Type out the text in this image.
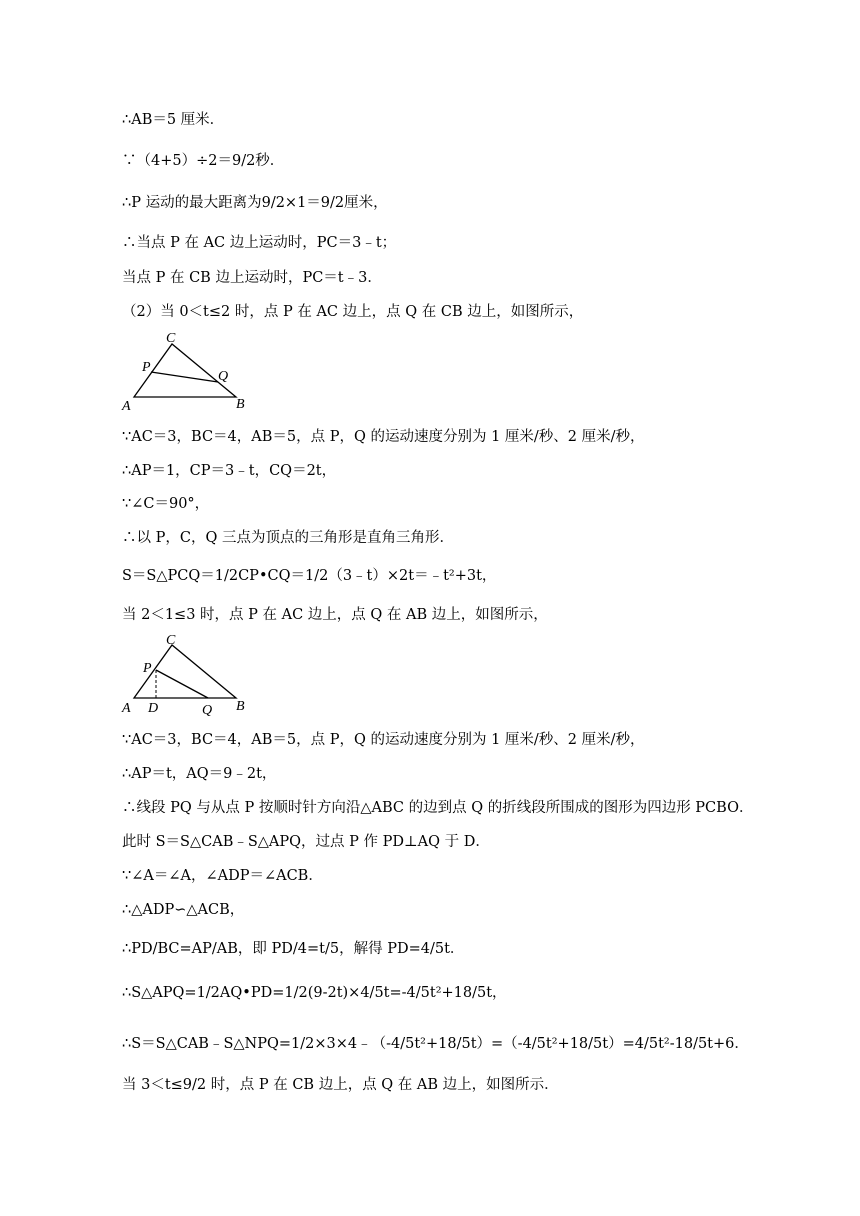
∴AB＝5 厘米．
∵（4+5）÷2＝9/2秒．
∴P 运动的最大距离为9/2×1＝9/2厘米，
∴当点 P 在 AC 边上运动时，PC＝3﹣t；
当点 P 在 CB 边上运动时，PC＝t﹣3．
（2）当 0＜t≤2 时，点 P 在 AC 边上，点 Q 在 CB 边上，如图所示，
C
P
Q
A	B
∵AC＝3，BC＝4，AB＝5，点 P，Q 的运动速度分别为 1 厘米/秒、2 厘米/秒，
∴AP＝1，CP＝3﹣t，CQ＝2t，
∵∠C＝90°，
∴以 P，C，Q 三点为顶点的三角形是直角三角形．
S＝S△PCQ＝1/2CP•CQ＝1/2（3﹣t）×2t＝﹣t²+3t，
当 2＜1≤3 时，点 P 在 AC 边上，点 Q 在 AB 边上，如图所示，
C
P
A D	Q B
∵AC＝3，BC＝4，AB＝5，点 P，Q 的运动速度分别为 1 厘米/秒、2 厘米/秒，
∴AP＝t，AQ＝9﹣2t，
∴线段 PQ 与从点 P 按顺时针方向沿△ABC 的边到点 Q 的折线段所围成的图形为四边形 PCBO．
此时 S＝S△CAB﹣S△APQ，过点 P 作 PD⊥AQ 于 D．
∵∠A＝∠A，∠ADP＝∠ACB．
∴△ADP∽△ACB，
∴PD/BC=AP/AB，即 PD/4=t/5，解得 PD=4/5t．
∴S△APQ=1/2AQ•PD=1/2(9-2t)×4/5t=-4/5t²+18/5t，
∴S＝S△CAB﹣S△NPQ=1/2×3×4﹣（-4/5t²+18/5t）=（-4/5t²+18/5t）=4/5t²-18/5t+6．
当 3＜t≤9/2 时，点 P 在 CB 边上，点 Q 在 AB 边上，如图所示．
